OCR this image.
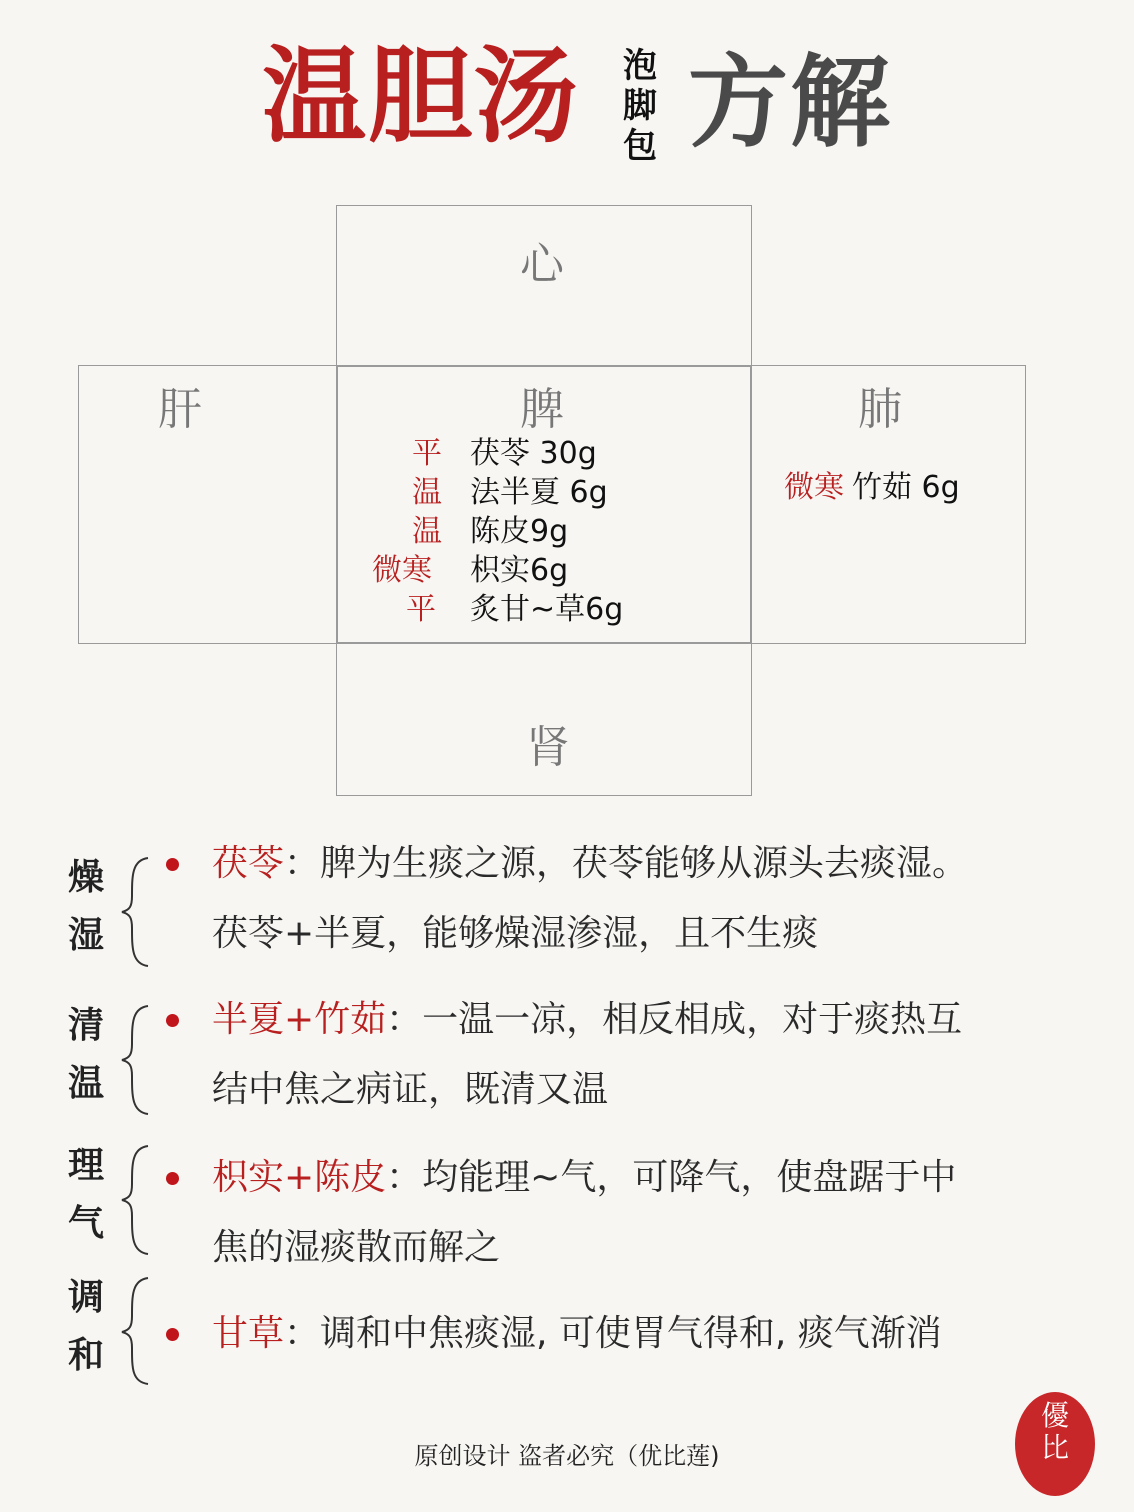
温胆汤 泡
脚
包 方解
心
肝	脾	肺
肾
平 茯苓 30g
温 法半夏 6g
温 陈皮9g
微寒 枳实6g
平 炙甘~草6g
微寒 竹茹 6g
燥湿
茯苓：脾为生痰之源，茯苓能够从源头去痰湿。
茯苓+半夏，能够燥湿渗湿，且不生痰
清温
半夏+竹茹：一温一凉，相反相成，对于痰热互
结中焦之病证，既清又温
理气
枳实+陈皮：均能理~气，可降气，使盘踞于中
焦的湿痰散而解之
调和
甘草：调和中焦痰湿, 可使胃气得和, 痰气渐消
原创设计 盗者必究（优比莲)
優
比
